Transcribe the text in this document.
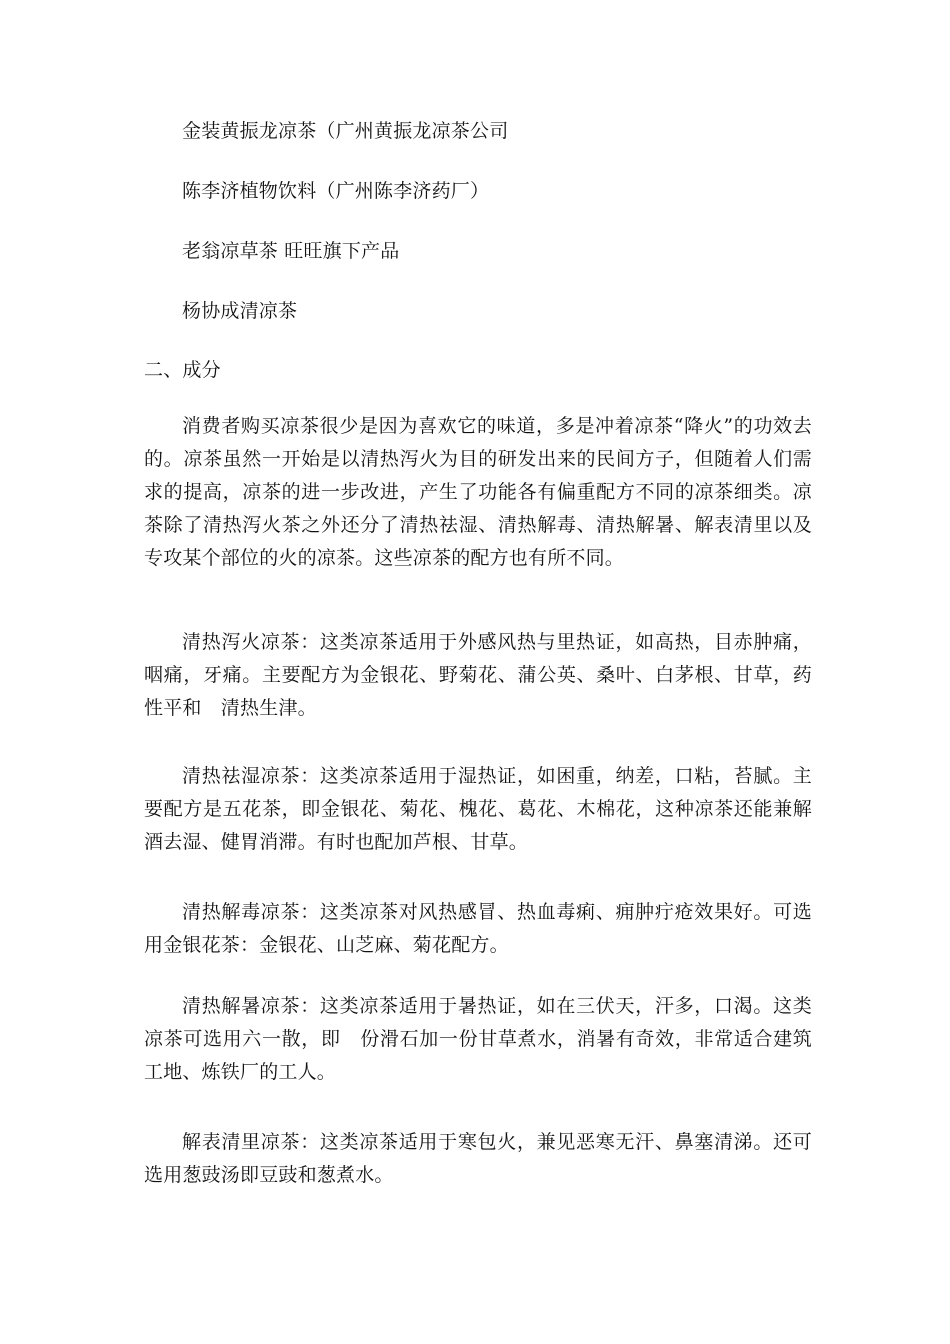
金装黄振龙凉茶（广州黄振龙凉茶公司
陈李济植物饮料（广州陈李济药厂）
老翁凉草茶 旺旺旗下产品
杨协成清凉茶
二、成分

消费者购买凉茶很少是因为喜欢它的味道，多是冲着凉茶“降火”的功效去的。凉茶虽然一开始是以清热泻火为目的研发出来的民间方子，但随着人们需求的提高，凉茶的进一步改进，产生了功能各有偏重配方不同的凉茶细类。凉茶除了清热泻火茶之外还分了清热祛湿、清热解毒、清热解暑、解表清里以及专攻某个部位的火的凉茶。这些凉茶的配方也有所不同。

清热泻火凉茶：这类凉茶适用于外感风热与里热证，如高热，目赤肿痛，咽痛，牙痛。主要配方为金银花、野菊花、蒲公英、桑叶、白茅根、甘草，药性平和　清热生津。

清热祛湿凉茶：这类凉茶适用于湿热证，如困重，纳差，口粘，苔腻。主要配方是五花茶，即金银花、菊花、槐花、葛花、木棉花，这种凉茶还能兼解酒去湿、健胃消滞。有时也配加芦根、甘草。

清热解毒凉茶：这类凉茶对风热感冒、热血毒痢、痈肿疔疮效果好。可选用金银花茶：金银花、山芝麻、菊花配方。

清热解暑凉茶：这类凉茶适用于暑热证，如在三伏天，汗多，口渴。这类凉茶可选用六一散，即　份滑石加一份甘草煮水，消暑有奇效，非常适合建筑工地、炼铁厂的工人。

解表清里凉茶：这类凉茶适用于寒包火，兼见恶寒无汗、鼻塞清涕。还可选用葱豉汤即豆豉和葱煮水。
